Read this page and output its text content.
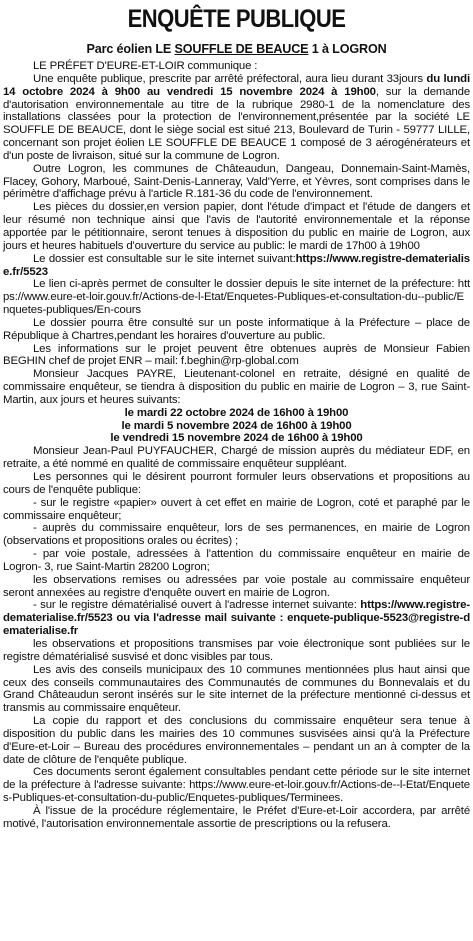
ENQUÊTE PUBLIQUE
Parc éolien LE SOUFFLE DE BEAUCE 1 à LOGRON

LE PRÉFET D'EURE-ET-LOIR communique :

Une enquête publique, prescrite par arrêté préfectoral, aura lieu durant 33jours du lundi 14 octobre 2024 à 9h00 au vendredi 15 novembre 2024 à 19h00, sur la demande d'autorisation environnementale au titre de la rubrique 2980-1 de la nomenclature des installations classées pour la protection de l'environnement,présentée par la société LE SOUFFLE DE BEAUCE, dont le siège social est situé 213, Boulevard de Turin - 59777 LILLE, concernant son projet éolien LE SOUFFLE DE BEAUCE 1 composé de 3 aérogénérateurs et d'un poste de livraison, situé sur la commune de Logron.

Outre Logron, les communes de Châteaudun, Dangeau, Donnemain-Saint-Mamès, Flacey, Gohory, Marboué, Saint-Denis-Lanneray, Vald'Yerre, et Yèvres, sont comprises dans le périmètre d'affichage prévu à l'article R.181-36 du code de l'environnement.

Les pièces du dossier,en version papier, dont l'étude d'impact et l'étude de dangers et leur résumé non technique ainsi que l'avis de l'autorité environnementale et la réponse apportée par le pétitionnaire, seront tenues à disposition du public en mairie de Logron, aux jours et heures habituels d'ouverture du service au public: le mardi de 17h00 à 19h00

Le dossier est consultable sur le site internet suivant:https://www.registre-dematerialise.fr/5523

Le lien ci-après permet de consulter le dossier depuis le site internet de la préfecture: https://www.eure-et-loir.gouv.fr/Actions-de-l-Etat/Enquetes-Publiques-et-consultation-du--public/Enquetes-publiques/En-cours

Le dossier pourra être consulté sur un poste informatique à la Préfecture – place de République à Chartres,pendant les horaires d'ouverture au public.

Les informations sur le projet peuvent être obtenues auprès de Monsieur Fabien BEGHIN chef de projet ENR – mail: f.beghin@rp-global.com

Monsieur Jacques PAYRE, Lieutenant-colonel en retraite, désigné en qualité de commissaire enquêteur, se tiendra à disposition du public en mairie de Logron – 3, rue Saint-Martin, aux jours et heures suivants:

le mardi 22 octobre 2024 de 16h00 à 19h00

le mardi 5 novembre 2024 de 16h00 à 19h00

le vendredi 15 novembre 2024 de 16h00 à 19h00

Monsieur Jean-Paul PUYFAUCHER, Chargé de mission auprès du médiateur EDF, en retraite, a été nommé en qualité de commissaire enquêteur suppléant.

Les personnes qui le désirent pourront formuler leurs observations et propositions au cours de l'enquête publique:

- sur le registre «papier» ouvert à cet effet en mairie de Logron, coté et paraphé par le commissaire enquêteur;

- auprès du commissaire enquêteur, lors de ses permanences, en mairie de Logron (observations et propositions orales ou écrites) ;

- par voie postale, adressées à l'attention du commissaire enquêteur en mairie de Logron- 3, rue Saint-Martin 28200 Logron;

les observations remises ou adressées par voie postale au commissaire enquêteur seront annexées au registre d'enquête ouvert en mairie de Logron.

- sur le registre dématérialisé ouvert à l'adresse internet suivante: https://www.registre-dematerialise.fr/5523 ou via l'adresse mail suivante : enquete-publique-5523@registre-dematerialise.fr

les observations et propositions transmises par voie électronique sont publiées sur le registre dématérialisé susvisé et donc visibles par tous.

Les avis des conseils municipaux des 10 communes mentionnées plus haut ainsi que ceux des conseils communautaires des Communautés de communes du Bonnevalais et du Grand Châteaudun seront insérés sur le site internet de la préfecture mentionné ci-dessus et transmis au commissaire enquêteur.

La copie du rapport et des conclusions du commissaire enquêteur sera tenue à disposition du public dans les mairies des 10 communes susvisées ainsi qu'à la Préfecture d'Eure-et-Loir – Bureau des procédures environnementales – pendant un an à compter de la date de clôture de l'enquête publique.

Ces documents seront également consultables pendant cette période sur le site internet de la préfecture à l'adresse suivante: https://www.eure-et-loir.gouv.fr/Actions-de--l-Etat/Enquetes-Publiques-et-consultation-du-public/Enquetes-publiques/Terminees.

À l'issue de la procédure réglementaire, le Préfet d'Eure-et-Loir accordera, par arrêté motivé, l'autorisation environnementale assortie de prescriptions ou la refusera.
